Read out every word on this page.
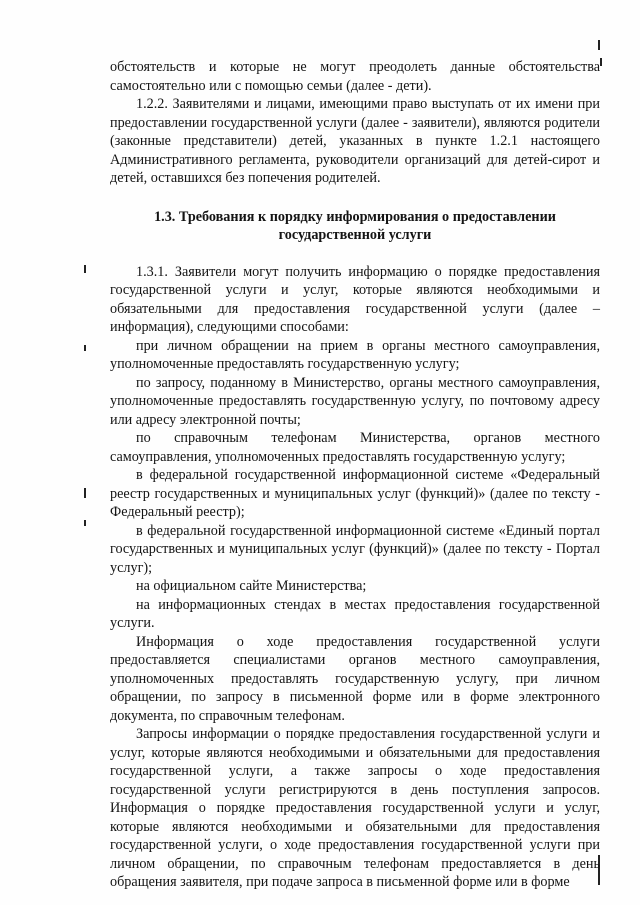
обстоятельств и которые не могут преодолеть данные обстоятельства самостоятельно или с помощью семьи (далее - дети).

1.2.2. Заявителями и лицами, имеющими право выступать от их имени при предоставлении государственной услуги (далее - заявители), являются родители (законные представители) детей, указанных в пункте 1.2.1 настоящего Административного регламента, руководители организаций для детей-сирот и детей, оставшихся без попечения родителей.

1.3. Требования к порядку информирования о предоставлении государственной услуги

1.3.1. Заявители могут получить информацию о порядке предоставления государственной услуги и услуг, которые являются необходимыми и обязательными для предоставления государственной услуги (далее – информация), следующими способами:

при личном обращении на прием в органы местного самоуправления, уполномоченные предоставлять государственную услугу;

по запросу, поданному в Министерство, органы местного самоуправления, уполномоченные предоставлять государственную услугу, по почтовому адресу или адресу электронной почты;

по справочным телефонам Министерства, органов местного самоуправления, уполномоченных предоставлять государственную услугу;

в федеральной государственной информационной системе «Федеральный реестр государственных и муниципальных услуг (функций)» (далее по тексту - Федеральный реестр);

в федеральной государственной информационной системе «Единый портал государственных и муниципальных услуг (функций)» (далее по тексту - Портал услуг);

на официальном сайте Министерства;

на информационных стендах в местах предоставления государственной услуги.

Информация о ходе предоставления государственной услуги предоставляется специалистами органов местного самоуправления, уполномоченных предоставлять государственную услугу, при личном обращении, по запросу в письменной форме или в форме электронного документа, по справочным телефонам.

Запросы информации о порядке предоставления государственной услуги и услуг, которые являются необходимыми и обязательными для предоставления государственной услуги, а также запросы о ходе предоставления государственной услуги регистрируются в день поступления запросов. Информация о порядке предоставления государственной услуги и услуг, которые являются необходимыми и обязательными для предоставления государственной услуги, о ходе предоставления государственной услуги при личном обращении, по справочным телефонам предоставляется в день обращения заявителя, при подаче запроса в письменной форме или в форме
